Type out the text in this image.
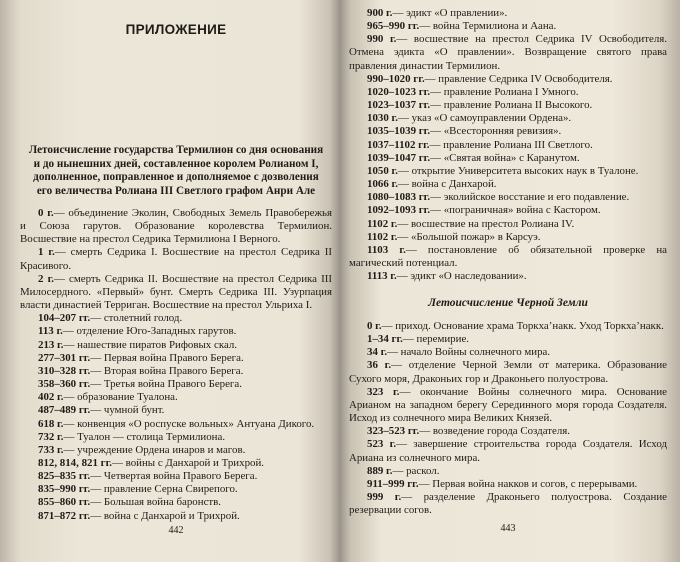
ПРИЛОЖЕНИЕ
Летоисчисление государства Термилион со дня основания и до нынешних дней, составленное королем Ролианом I, дополненное, поправленное и дополняемое с дозволения его величества Ролиана III Светлого графом Анри Але
0 г.— объединение Эколин, Свободных Земель Правобережья и Союза гарутов. Образование королевства Термилион. Восшествие на престол Седрика Термилиона I Верного.
1 г.— смерть Седрика I. Восшествие на престол Седрика II Красивого.
2 г.— смерть Седрика II. Восшествие на престол Седрика III Милосердного. «Первый» бунт. Смерть Седрика III. Узурпация власти династией Терриган. Восшествие на престол Ульриха I.
104–207 гг.— столетний голод.
113 г.— отделение Юго-Западных гарутов.
213 г.— нашествие пиратов Рифовых скал.
277–301 гг.— Первая война Правого Берега.
310–328 гг.— Вторая война Правого Берега.
358–360 гг.— Третья война Правого Берега.
402 г.— образование Туалона.
487–489 гг.— чумной бунт.
618 г.— конвенция «О роспуске вольных» Антуана Дикого.
732 г.— Туалон — столица Термилиона.
733 г.— учреждение Ордена инаров и магов.
812, 814, 821 гг.— войны с Данхарой и Трихрой.
825–835 гг.— Четвертая война Правого Берега.
835–990 гг.— правление Серна Свирепого.
855–860 гг.— Большая война баронств.
871–872 гг.— война с Данхарой и Трихрой.
442
900 г.— эдикт «О правлении».
965–990 гг.— война Термилиона и Аана.
990 г.— восшествие на престол Седрика IV Освободителя. Отмена эдикта «О правлении». Возвращение святого права правления династии Термилион.
990–1020 гг.— правление Седрика IV Освободителя.
1020–1023 гг.— правление Ролиана I Умного.
1023–1037 гг.— правление Ролиана II Высокого.
1030 г.— указ «О самоуправлении Ордена».
1035–1039 гг.— «Всесторонняя ревизия».
1037–1102 гг.— правление Ролиана III Светлого.
1039–1047 гг.— «Святая война» с Каранутом.
1050 г.— открытие Университета высоких наук в Туалоне.
1066 г.— война с Данхарой.
1080–1083 гг.— эколийское восстание и его подавление.
1092–1093 гг.— «пограничная» война с Кастором.
1102 г.— восшествие на престол Ролиана IV.
1102 г.— «Большой пожар» в Карсуэ.
1103 г.— постановление об обязательной проверке на магический потенциал.
1113 г.— эдикт «О наследовании».
Летоисчисление Черной Земли
0 г.— приход. Основание храма Торкха’накк. Уход Торкха’накк.
1–34 гг.— перемирие.
34 г.— начало Войны солнечного мира.
36 г.— отделение Черной Земли от материка. Образование Сухого моря, Драконьих гор и Драконьего полуострова.
323 г.— окончание Войны солнечного мира. Основание Арианом на западном берегу Серединного моря города Создателя. Исход из солнечного мира Великих Князей.
323–523 гг.— возведение города Создателя.
523 г.— завершение строительства города Создателя. Исход Ариана из солнечного мира.
889 г.— раскол.
911–999 гг.— Первая война накков и согов, с перерывами.
999 г.— разделение Драконьего полуострова. Создание резервации согов.
443
